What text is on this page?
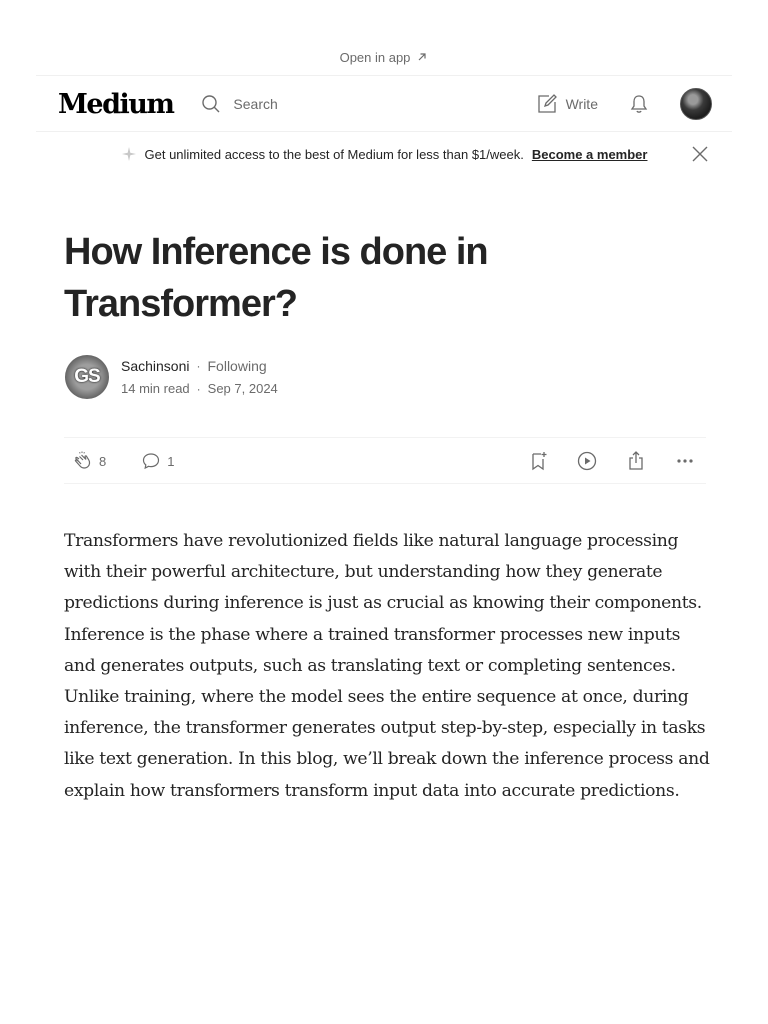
Open in app
Medium	Search	Write
Get unlimited access to the best of Medium for less than $1/week. Become a member
How Inference is done in Transformer?
GS	Sachinsoni · Following
14 min read · Sep 7, 2024
8	1

Transformers have revolutionized fields like natural language processing with their powerful architecture, but understanding how they generate predictions during inference is just as crucial as knowing their components. Inference is the phase where a trained transformer processes new inputs and generates outputs, such as translating text or completing sentences. Unlike training, where the model sees the entire sequence at once, during inference, the transformer generates output step-by-step, especially in tasks like text generation. In this blog, we’ll break down the inference process and explain how transformers transform input data into accurate predictions.
